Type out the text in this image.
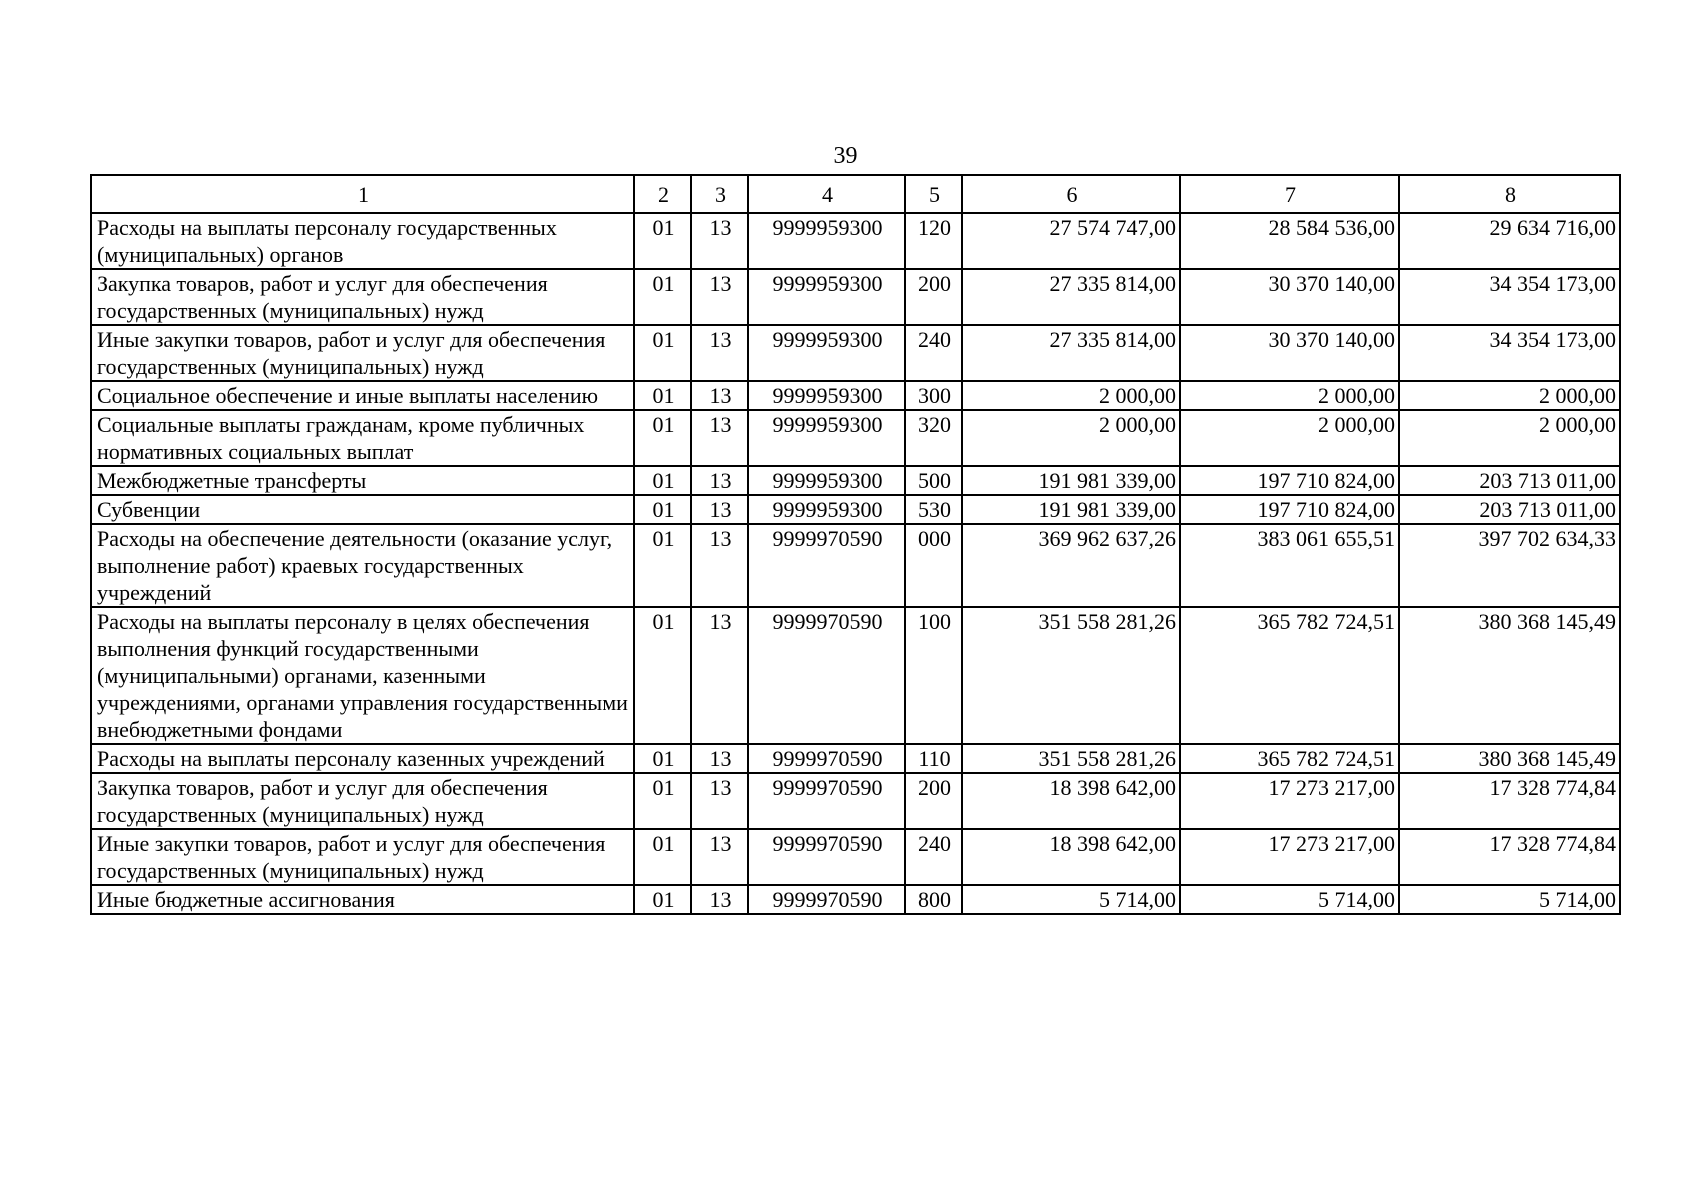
39
1	2	3	4	5	6	7	8
Расходы на выплаты персоналу государственных (муниципальных) органов	01	13	9999959300	120	27 574 747,00	28 584 536,00	29 634 716,00
Закупка товаров, работ и услуг для обеспечения государственных (муниципальных) нужд	01	13	9999959300	200	27 335 814,00	30 370 140,00	34 354 173,00
Иные закупки товаров, работ и услуг для обеспечения государственных (муниципальных) нужд	01	13	9999959300	240	27 335 814,00	30 370 140,00	34 354 173,00
Социальное обеспечение и иные выплаты населению	01	13	9999959300	300	2 000,00	2 000,00	2 000,00
Социальные выплаты гражданам, кроме публичных нормативных социальных выплат	01	13	9999959300	320	2 000,00	2 000,00	2 000,00
Межбюджетные трансферты	01	13	9999959300	500	191 981 339,00	197 710 824,00	203 713 011,00
Субвенции	01	13	9999959300	530	191 981 339,00	197 710 824,00	203 713 011,00
Расходы на обеспечение деятельности (оказание услуг, выполнение работ) краевых государственных учреждений	01	13	9999970590	000	369 962 637,26	383 061 655,51	397 702 634,33
Расходы на выплаты персоналу в целях обеспечения выполнения функций государственными (муниципальными) органами, казенными учреждениями, органами управления государственными внебюджетными фондами	01	13	9999970590	100	351 558 281,26	365 782 724,51	380 368 145,49
Расходы на выплаты персоналу казенных учреждений	01	13	9999970590	110	351 558 281,26	365 782 724,51	380 368 145,49
Закупка товаров, работ и услуг для обеспечения государственных (муниципальных) нужд	01	13	9999970590	200	18 398 642,00	17 273 217,00	17 328 774,84
Иные закупки товаров, работ и услуг для обеспечения государственных (муниципальных) нужд	01	13	9999970590	240	18 398 642,00	17 273 217,00	17 328 774,84
Иные бюджетные ассигнования	01	13	9999970590	800	5 714,00	5 714,00	5 714,00
